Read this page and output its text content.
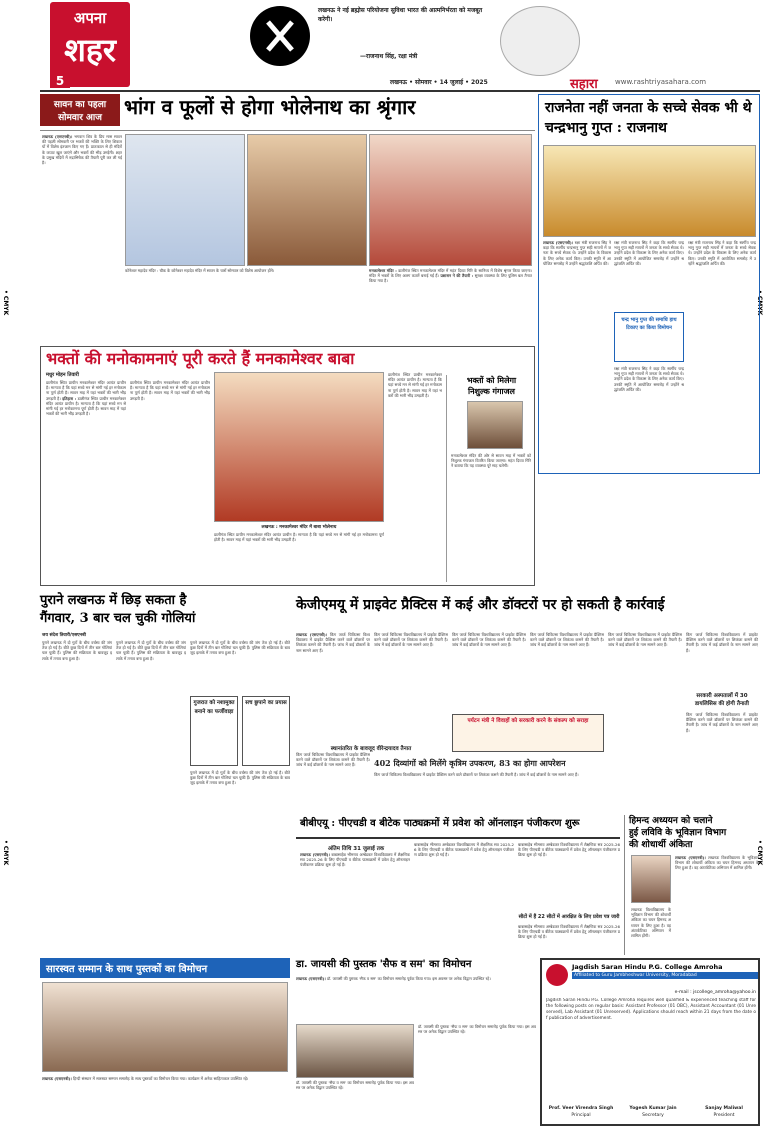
• CMYK	• CMYK
• CMYK	• CMYK
अपना
शहर
5
लखनऊ ने नई ब्रह्मोस परियोजना सुविधा भारत की आत्मनिर्भरता को मजबूत करेगी।
—राजनाथ सिंह, रक्षा मंत्री
लखनऊ • सोमवार • 14 जुलाई • 2025	सहारा www.rashtriyasahara.com
सावन का पहला
सोमवार आज	भांग व फूलों से होगा भोलेनाथ का श्रृंगार
लखनऊ (एसएनबी)। भगवान शिव के प्रिय मास सावन की पहली सोमवारी पर भक्तों की भक्ति के लिए शिवालयों में विशेष इंतजाम किए गए हैं। प्रातःकाल से ही मंदिरों के कपाट खुल जाएंगे और भक्तों की भीड़ उमड़ेगी। शहर के प्रमुख मंदिरों में रुद्राभिषेक की तैयारी पूरी कर ली गई है।
कोनेश्वर महादेव मंदिर : चौक के कोनेश्वर महादेव मंदिर में सावन के चारों सोमवार को विशेष आयोजन होंगे।	मनकामेश्वर मंदिर : डालीगंज स्थित मनकामेश्वर मंदिर में महंत दिव्या गिरि के सानिध्य में विशेष श्रृंगार किया जाएगा। मंदिर में भक्तों के लिए अलग कतारें बनाई गई हैं। प्रशासन ने की तैयारी : सुरक्षा व्यवस्था के लिए पुलिस बल तैनात किया गया है।
राजनेता नहीं जनता के सच्चे सेवक भी थे चन्द्रभानु गुप्त : राजनाथ
लखनऊ (एसएनबी)। रक्षा मंत्री राजनाथ सिंह ने कहा कि स्वर्गीय चन्द्रभानु गुप्त सही मायनों में जनता के सच्चे सेवक थे। उन्होंने प्रदेश के विकास के लिए अनेक कार्य किए। उनकी स्मृति में आयोजित समारोह में उन्होंने श्रद्धांजलि अर्पित की।
चन्द्र भानु गुप्त की समाधि हाथ टिकाए का किया विमोचन
रक्षा मंत्री राजनाथ सिंह ने कहा कि स्वर्गीय चन्द्रभानु गुप्त सही मायनों में जनता के सच्चे सेवक थे। उन्होंने प्रदेश के विकास के लिए अनेक कार्य किए। उनकी स्मृति में आयोजित समारोह में उन्होंने श्रद्धांजलि अर्पित की।
रक्षा मंत्री राजनाथ सिंह ने कहा कि स्वर्गीय चन्द्रभानु गुप्त सही मायनों में जनता के सच्चे सेवक थे। उन्होंने प्रदेश के विकास के लिए अनेक कार्य किए। उनकी स्मृति में आयोजित समारोह में उन्होंने श्रद्धांजलि अर्पित की।
रक्षा मंत्री राजनाथ सिंह ने कहा कि स्वर्गीय चन्द्रभानु गुप्त सही मायनों में जनता के सच्चे सेवक थे। उन्होंने प्रदेश के विकास के लिए अनेक कार्य किए। उनकी स्मृति में आयोजित समारोह में उन्होंने श्रद्धांजलि अर्पित की।
भक्तों की मनोकामनाएं पूरी करते हैं मनकामेश्वर बाबा
मधुर मोहन तिवारी
डालीगंज स्थित प्राचीन मनकामेश्वर मंदिर अत्यंत प्राचीन है। मान्यता है कि यहां सच्चे मन से मांगी गई हर मनोकामना पूर्ण होती है। सावन माह में यहां भक्तों की भारी भीड़ उमड़ती है। इतिहास : डालीगंज स्थित प्राचीन मनकामेश्वर मंदिर अत्यंत प्राचीन है। मान्यता है कि यहां सच्चे मन से मांगी गई हर मनोकामना पूर्ण होती है। सावन माह में यहां भक्तों की भारी भीड़ उमड़ती है।
डालीगंज स्थित प्राचीन मनकामेश्वर मंदिर अत्यंत प्राचीन है। मान्यता है कि यहां सच्चे मन से मांगी गई हर मनोकामना पूर्ण होती है। सावन माह में यहां भक्तों की भारी भीड़ उमड़ती है।
लखनऊ : मनकामेश्वर मंदिर में बाबा भोलेनाथ
डालीगंज स्थित प्राचीन मनकामेश्वर मंदिर अत्यंत प्राचीन है। मान्यता है कि यहां सच्चे मन से मांगी गई हर मनोकामना पूर्ण होती है। सावन माह में यहां भक्तों की भारी भीड़ उमड़ती है।
डालीगंज स्थित प्राचीन मनकामेश्वर मंदिर अत्यंत प्राचीन है। मान्यता है कि यहां सच्चे मन से मांगी गई हर मनोकामना पूर्ण होती है। सावन माह में यहां भक्तों की भारी भीड़ उमड़ती है।
भक्तों को मिलेगा
निशुल्क गंगाजल
मनकामेश्वर मंदिर की ओर से सावन माह में भक्तों को निशुल्क गंगाजल वितरित किया जाएगा। महंत दिव्या गिरि ने बताया कि यह व्यवस्था पूरे माह चलेगी।
पुराने लखनऊ में छिड़ सकता है
गैंगवार, 3 बार चल चुकी गोलियां
जय संदेश तिवारी/एसएनबी
पुराने लखनऊ में दो गुटों के बीच वर्चस्व की जंग तेज हो गई है। बीते कुछ दिनों में तीन बार गोलियां चल चुकी हैं। पुलिस की सक्रियता के बावजूद इलाके में तनाव बना हुआ है।
पुराने लखनऊ में दो गुटों के बीच वर्चस्व की जंग तेज हो गई है। बीते कुछ दिनों में तीन बार गोलियां चल चुकी हैं। पुलिस की सक्रियता के बावजूद इलाके में तनाव बना हुआ है।
पुराने लखनऊ में दो गुटों के बीच वर्चस्व की जंग तेज हो गई है। बीते कुछ दिनों में तीन बार गोलियां चल चुकी हैं। पुलिस की सक्रियता के बावजूद इलाके में तनाव बना हुआ है।
गुजरात को नशामुक्त बनाने का फर्जीवाड़ा
सच छुपाने का प्रयास
पुराने लखनऊ में दो गुटों के बीच वर्चस्व की जंग तेज हो गई है। बीते कुछ दिनों में तीन बार गोलियां चल चुकी हैं। पुलिस की सक्रियता के बावजूद इलाके में तनाव बना हुआ है।
केजीएमयू में प्राइवेट प्रैक्टिस में कई और डॉक्टरों पर हो सकती है कार्रवाई
लखनऊ (एसएनबी)। किंग जार्ज चिकित्सा विश्वविद्यालय में प्राइवेट प्रैक्टिस करने वाले डॉक्टरों पर शिकंजा कसने की तैयारी है। जांच में कई डॉक्टरों के नाम सामने आए हैं।
किंग जार्ज चिकित्सा विश्वविद्यालय में प्राइवेट प्रैक्टिस करने वाले डॉक्टरों पर शिकंजा कसने की तैयारी है। जांच में कई डॉक्टरों के नाम सामने आए हैं।
किंग जार्ज चिकित्सा विश्वविद्यालय में प्राइवेट प्रैक्टिस करने वाले डॉक्टरों पर शिकंजा कसने की तैयारी है। जांच में कई डॉक्टरों के नाम सामने आए हैं।
किंग जार्ज चिकित्सा विश्वविद्यालय में प्राइवेट प्रैक्टिस करने वाले डॉक्टरों पर शिकंजा कसने की तैयारी है। जांच में कई डॉक्टरों के नाम सामने आए हैं।
किंग जार्ज चिकित्सा विश्वविद्यालय में प्राइवेट प्रैक्टिस करने वाले डॉक्टरों पर शिकंजा कसने की तैयारी है। जांच में कई डॉक्टरों के नाम सामने आए हैं।
किंग जार्ज चिकित्सा विश्वविद्यालय में प्राइवेट प्रैक्टिस करने वाले डॉक्टरों पर शिकंजा कसने की तैयारी है। जांच में कई डॉक्टरों के नाम सामने आए हैं।
सरकारी अस्पतालों में 30 डायलिसिस की होगी तैनाती
किंग जार्ज चिकित्सा विश्वविद्यालय में प्राइवेट प्रैक्टिस करने वाले डॉक्टरों पर शिकंजा कसने की तैयारी है। जांच में कई डॉक्टरों के नाम सामने आए हैं।
स्थानांतरित के बावजूद वीरेन्द्रयादव तैनात
पर्यटन मंत्री ने विवाहों को सरकारी करने के संकल्प को सराहा
402 दिव्यांगों को मिलेंगे कृत्रिम उपकरण, 83 का होगा आपरेशन
किंग जार्ज चिकित्सा विश्वविद्यालय में प्राइवेट प्रैक्टिस करने वाले डॉक्टरों पर शिकंजा कसने की तैयारी है। जांच में कई डॉक्टरों के नाम सामने आए हैं।
किंग जार्ज चिकित्सा विश्वविद्यालय में प्राइवेट प्रैक्टिस करने वाले डॉक्टरों पर शिकंजा कसने की तैयारी है। जांच में कई डॉक्टरों के नाम सामने आए हैं।
बीबीएयू : पीएचडी व बीटेक पाठ्यक्रमों में प्रवेश को ऑनलाइन पंजीकरण शुरू
अंतिम तिथि 31 जुलाई तक
लखनऊ (एसएनबी)। बाबासाहेब भीमराव अम्बेडकर विश्वविद्यालय में शैक्षणिक सत्र 2025-26 के लिए पीएचडी व बीटेक पाठ्यक्रमों में प्रवेश हेतु ऑनलाइन पंजीकरण प्रक्रिया शुरू हो गई है।
बाबासाहेब भीमराव अम्बेडकर विश्वविद्यालय में शैक्षणिक सत्र 2025-26 के लिए पीएचडी व बीटेक पाठ्यक्रमों में प्रवेश हेतु ऑनलाइन पंजीकरण प्रक्रिया शुरू हो गई है।
बाबासाहेब भीमराव अम्बेडकर विश्वविद्यालय में शैक्षणिक सत्र 2025-26 के लिए पीएचडी व बीटेक पाठ्यक्रमों में प्रवेश हेतु ऑनलाइन पंजीकरण प्रक्रिया शुरू हो गई है।
सीटों में हैं 22 सीटों में आरक्षित के लिए प्रवेश पत्र जारी
बाबासाहेब भीमराव अम्बेडकर विश्वविद्यालय में शैक्षणिक सत्र 2025-26 के लिए पीएचडी व बीटेक पाठ्यक्रमों में प्रवेश हेतु ऑनलाइन पंजीकरण प्रक्रिया शुरू हो गई है।
हिमन्द अध्ययन को चलाने
हुई लविवि के भूविज्ञान विभाग
की शोधार्थी अंकिता
लखनऊ (एसएनबी)। लखनऊ विश्वविद्यालय के भूविज्ञान विभाग की शोधार्थी अंकिता का चयन हिमनद अध्ययन के लिए हुआ है। वह अंटार्कटिका अभियान में शामिल होंगी।
लखनऊ विश्वविद्यालय के भूविज्ञान विभाग की शोधार्थी अंकिता का चयन हिमनद अध्ययन के लिए हुआ है। वह अंटार्कटिका अभियान में शामिल होंगी।
सारस्वत सम्मान के साथ पुस्तकों का विमोचन
लखनऊ (एसएनबी)। हिन्दी संस्थान में सारस्वत सम्मान समारोह के साथ पुस्तकों का विमोचन किया गया। कार्यक्रम में अनेक साहित्यकार उपस्थित रहे।
डा. जायसी की पुस्तक 'सैफ व सम' का विमोचन
लखनऊ (एसएनबी)। डॉ. जायसी की पुस्तक 'सैफ व सम' का विमोचन समारोह पूर्वक किया गया। इस अवसर पर अनेक विद्वान उपस्थित रहे।
डॉ. जायसी की पुस्तक 'सैफ व सम' का विमोचन समारोह पूर्वक किया गया। इस अवसर पर अनेक विद्वान उपस्थित रहे।
डॉ. जायसी की पुस्तक 'सैफ व सम' का विमोचन समारोह पूर्वक किया गया। इस अवसर पर अनेक विद्वान उपस्थित रहे।
Jagdish Saran Hindu P.G. College Amroha
Affiliated to Guru Jambheshwar University, Moradabad
e-mail : jscollege_amroha@yahoo.in
Jagdish Saran Hindu P.G. College Amroha requires well qualified & experienced teaching staff for the following posts on regular basis: Assistant Professor (01 OBC), Assistant Accountant (01 Unreserved), Lab Assistant (01 Unreserved). Applications should reach within 21 days from the date of publication of advertisement.
Prof. Veer Virendra Singh
Principal
Yogesh Kumar Jain
Secretary
Sanjay Maliwal
President
